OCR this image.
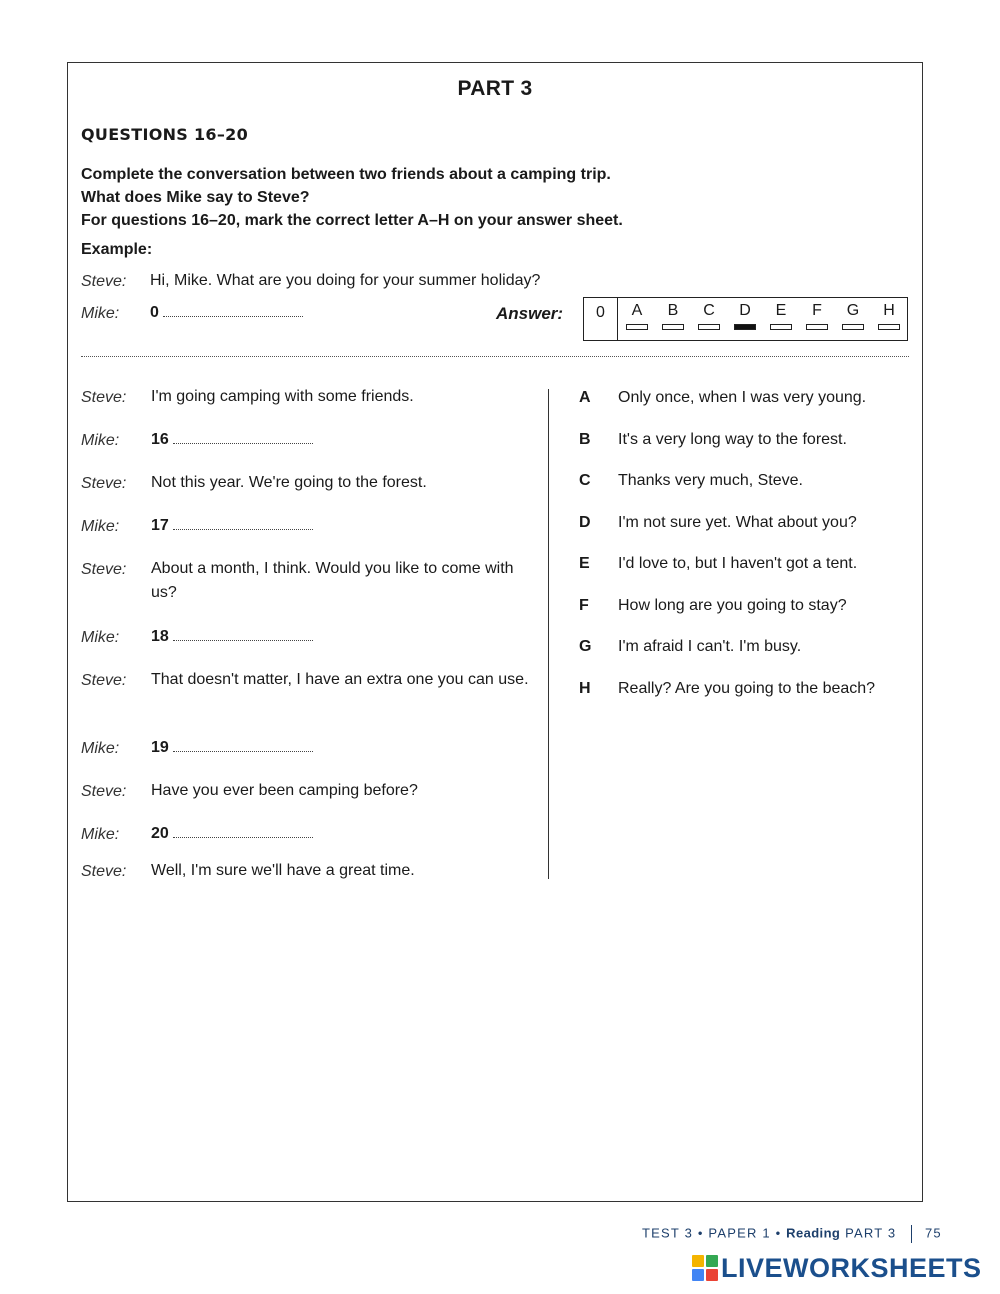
PART 3
QUESTIONS 16–20
Complete the conversation between two friends about a camping trip.
What does Mike say to Steve?
For questions 16–20, mark the correct letter A–H on your answer sheet.
Example:
Steve: Hi, Mike. What are you doing for your summer holiday?
Mike: 0	Answer:	0	A	B	C	D	E	F	G	H
Steve: I'm going camping with some friends.
Mike: 16
Steve: Not this year. We're going to the forest.
Mike: 17
Steve: About a month, I think. Would you like to come with us?
Mike: 18
Steve: That doesn't matter, I have an extra one you can use.
Mike: 19
Steve: Have you ever been camping before?
Mike: 20
Steve: Well, I'm sure we'll have a great time.
A Only once, when I was very young.
B It's a very long way to the forest.
C Thanks very much, Steve.
D I'm not sure yet. What about you?
E I'd love to, but I haven't got a tent.
F How long are you going to stay?
G I'm afraid I can't. I'm busy.
H Really? Are you going to the beach?
TEST 3 • PAPER 1 • Reading PART 3 75
LIVEWORKSHEETS
